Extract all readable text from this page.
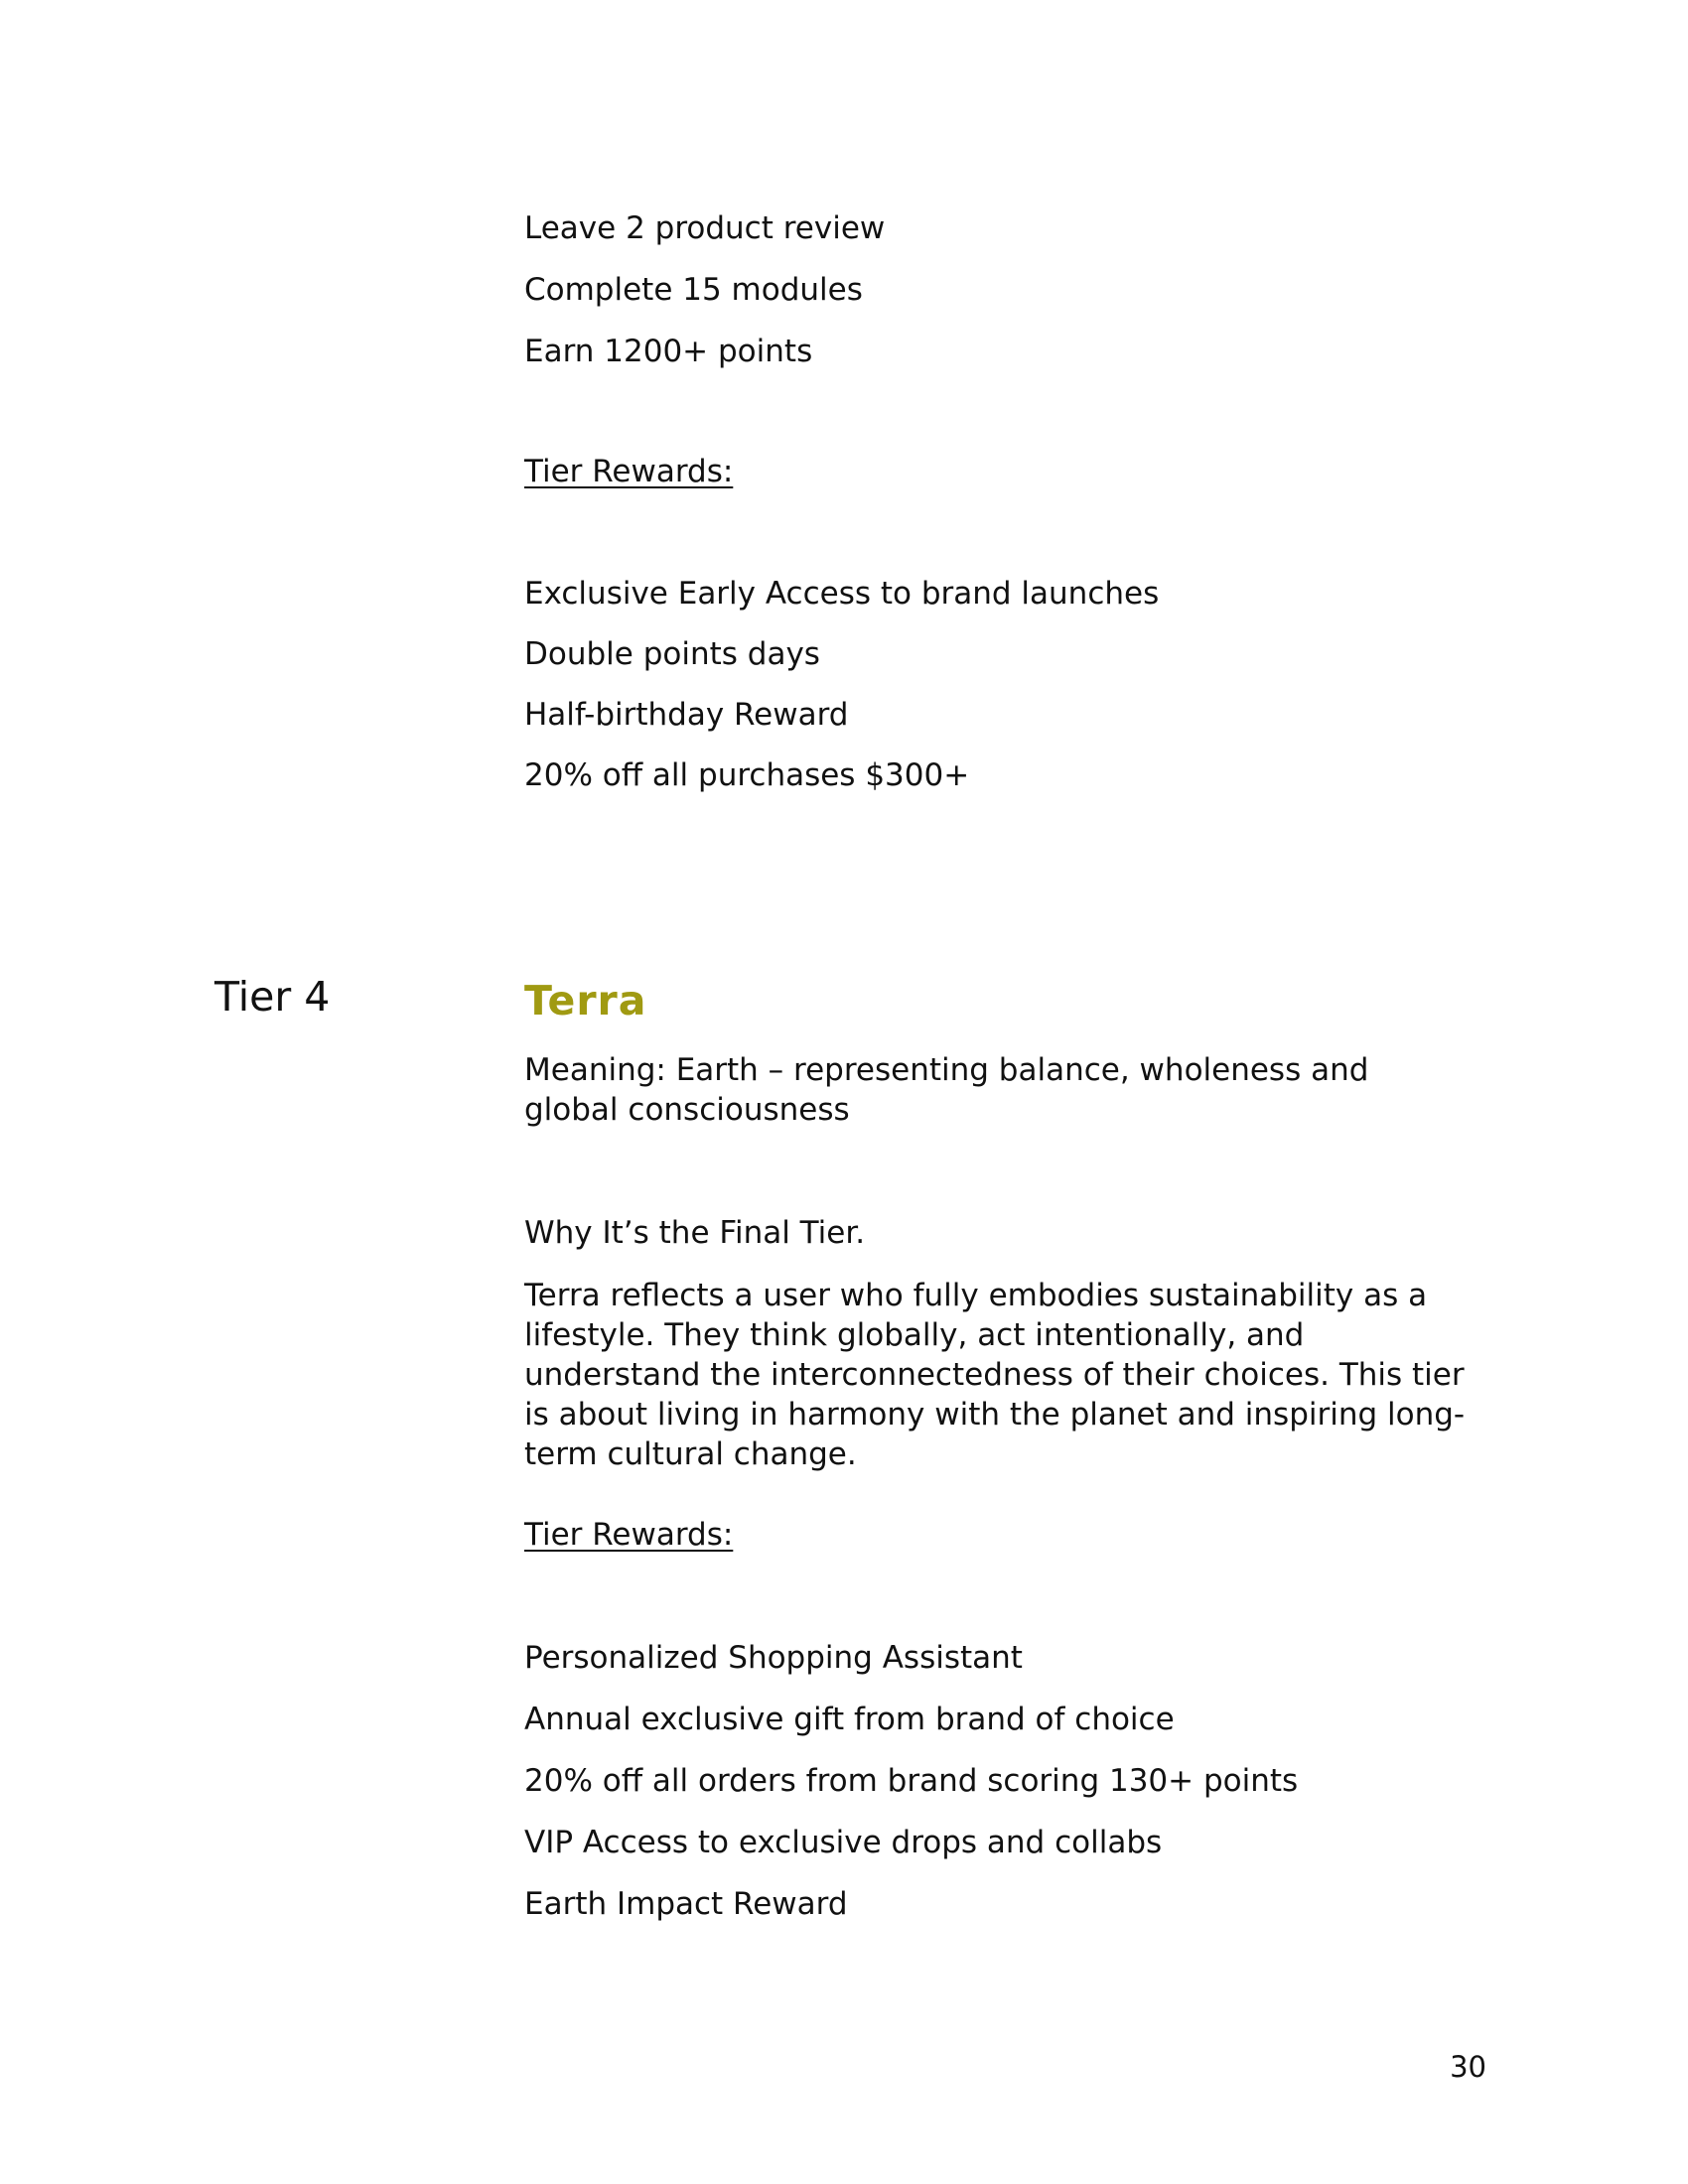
Leave 2 product review

Complete 15 modules

Earn 1200+ points

Tier Rewards:

Exclusive Early Access to brand launches

Double points days

Half-birthday Reward

20% off all purchases $300+

Tier 4	Terra

Meaning: Earth – representing balance, wholeness and global consciousness

Why It’s the Final Tier.

Terra reflects a user who fully embodies sustainability as a lifestyle. They think globally, act intentionally, and understand the interconnectedness of their choices. This tier is about living in harmony with the planet and inspiring long-term cultural change.

Tier Rewards:

Personalized Shopping Assistant

Annual exclusive gift from brand of choice

20% off all orders from brand scoring 130+ points

VIP Access to exclusive drops and collabs

Earth Impact Reward

30
